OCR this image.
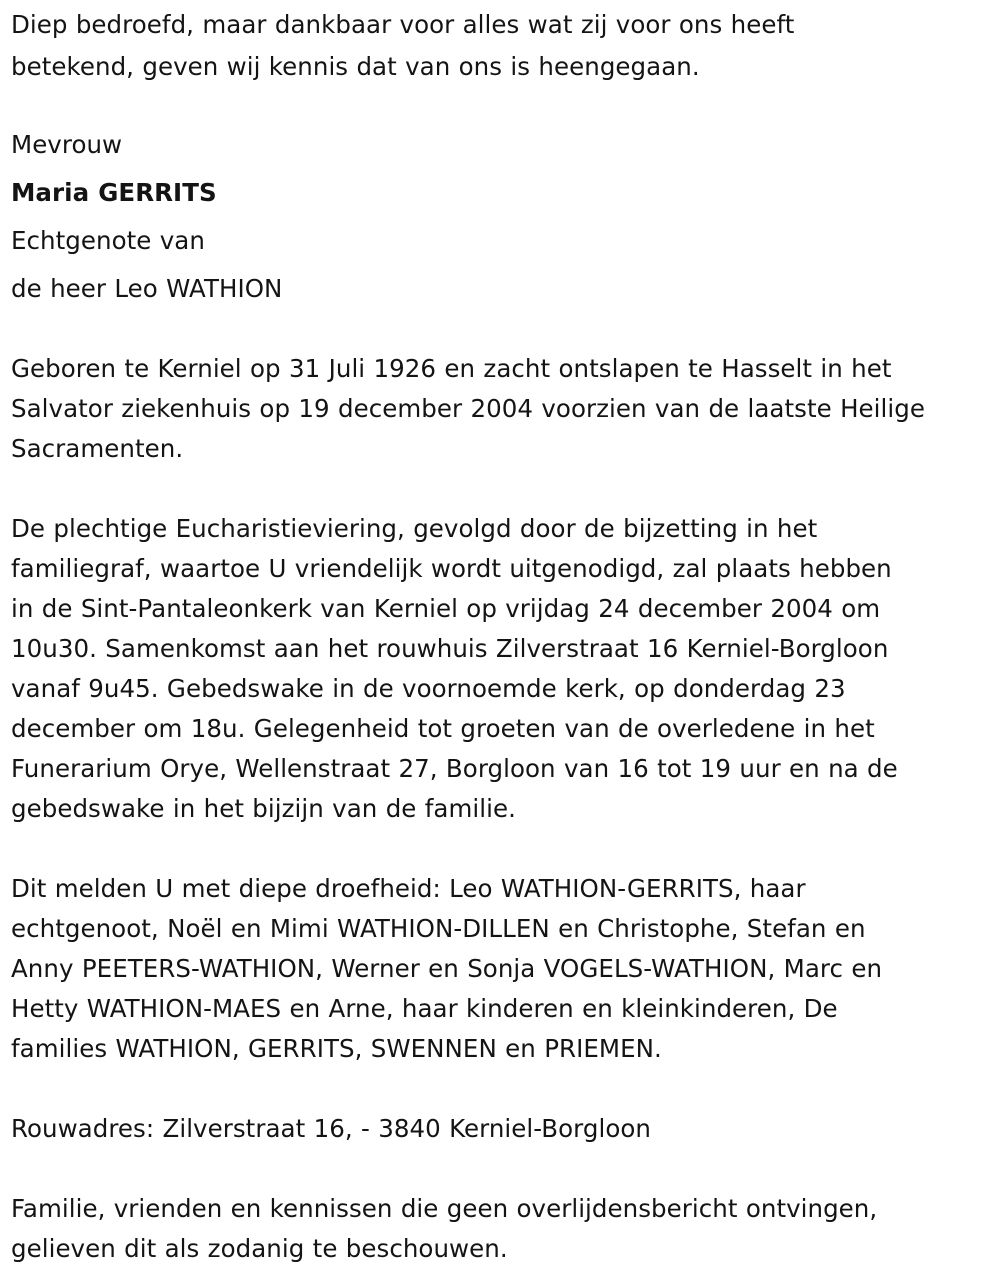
Diep bedroefd, maar dankbaar voor alles wat zij voor ons heeft
betekend, geven wij kennis dat van ons is heengegaan.
Mevrouw
Maria GERRITS
Echtgenote van
de heer Leo WATHION
Geboren te Kerniel op 31 Juli 1926 en zacht ontslapen te Hasselt in het
Salvator ziekenhuis op 19 december 2004 voorzien van de laatste Heilige
Sacramenten.
De plechtige Eucharistieviering, gevolgd door de bijzetting in het
familiegraf, waartoe U vriendelijk wordt uitgenodigd, zal plaats hebben
in de Sint-Pantaleonkerk van Kerniel op vrijdag 24 december 2004 om
10u30. Samenkomst aan het rouwhuis Zilverstraat 16 Kerniel-Borgloon
vanaf 9u45. Gebedswake in de voornoemde kerk, op donderdag 23
december om 18u. Gelegenheid tot groeten van de overledene in het
Funerarium Orye, Wellenstraat 27, Borgloon van 16 tot 19 uur en na de
gebedswake in het bijzijn van de familie.
Dit melden U met diepe droefheid: Leo WATHION-GERRITS, haar
echtgenoot, Noël en Mimi WATHION-DILLEN en Christophe, Stefan en
Anny PEETERS-WATHION, Werner en Sonja VOGELS-WATHION, Marc en
Hetty WATHION-MAES en Arne, haar kinderen en kleinkinderen, De
families WATHION, GERRITS, SWENNEN en PRIEMEN.
Rouwadres: Zilverstraat 16, - 3840 Kerniel-Borgloon
Familie, vrienden en kennissen die geen overlijdensbericht ontvingen,
gelieven dit als zodanig te beschouwen.
